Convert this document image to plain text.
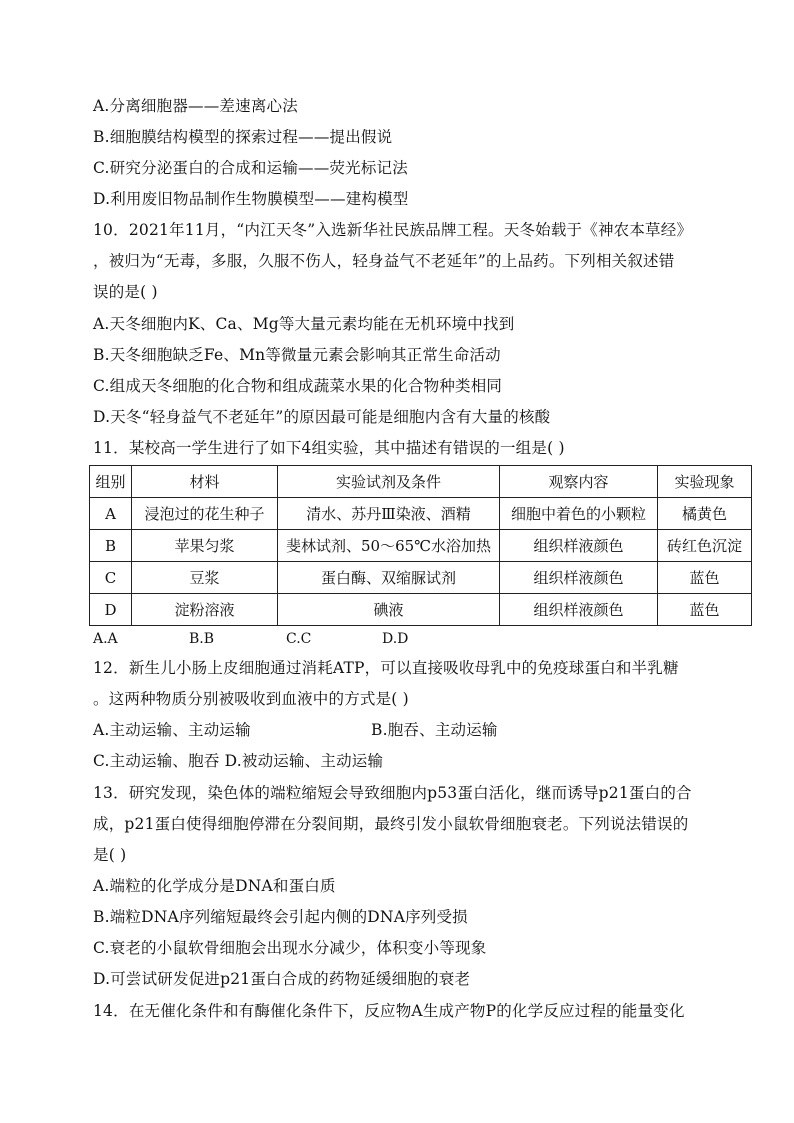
A.分离细胞器——差速离心法
B.细胞膜结构模型的探索过程——提出假说
C.研究分泌蛋白的合成和运输——荧光标记法
D.利用废旧物品制作生物膜模型——建构模型
10．2021年11月，“内江天冬”入选新华社民族品牌工程。天冬始载于《神农本草经》
，被归为“无毒，多服，久服不伤人，轻身益气不老延年”的上品药。下列相关叙述错
误的是( )
A.天冬细胞内K、Ca、Mg等大量元素均能在无机环境中找到
B.天冬细胞缺乏Fe、Mn等微量元素会影响其正常生命活动
C.组成天冬细胞的化合物和组成蔬菜水果的化合物种类相同
D.天冬“轻身益气不老延年”的原因最可能是细胞内含有大量的核酸
11．某校高一学生进行了如下4组实验，其中描述有错误的一组是( )
组别	材料	实验试剂及条件	观察内容	实验现象
A	浸泡过的花生种子	清水、苏丹Ⅲ染液、酒精	细胞中着色的小颗粒	橘黄色
B	苹果匀浆	斐林试剂、50～65℃水浴加热	组织样液颜色	砖红色沉淀
C	豆浆	蛋白酶、双缩脲试剂	组织样液颜色	蓝色
D	淀粉溶液	碘液	组织样液颜色	蓝色
A.A	B.B	C.C	D.D
12．新生儿小肠上皮细胞通过消耗ATP，可以直接吸收母乳中的免疫球蛋白和半乳糖
。这两种物质分别被吸收到血液中的方式是( )
A.主动运输、主动运输	B.胞吞、主动运输
C.主动运输、胞吞 D.被动运输、主动运输
13．研究发现，染色体的端粒缩短会导致细胞内p53蛋白活化，继而诱导p21蛋白的合
成，p21蛋白使得细胞停滞在分裂间期，最终引发小鼠软骨细胞衰老。下列说法错误的
是( )
A.端粒的化学成分是DNA和蛋白质
B.端粒DNA序列缩短最终会引起内侧的DNA序列受损
C.衰老的小鼠软骨细胞会出现水分减少，体积变小等现象
D.可尝试研发促进p21蛋白合成的药物延缓细胞的衰老
14．在无催化条件和有酶催化条件下，反应物A生成产物P的化学反应过程的能量变化
